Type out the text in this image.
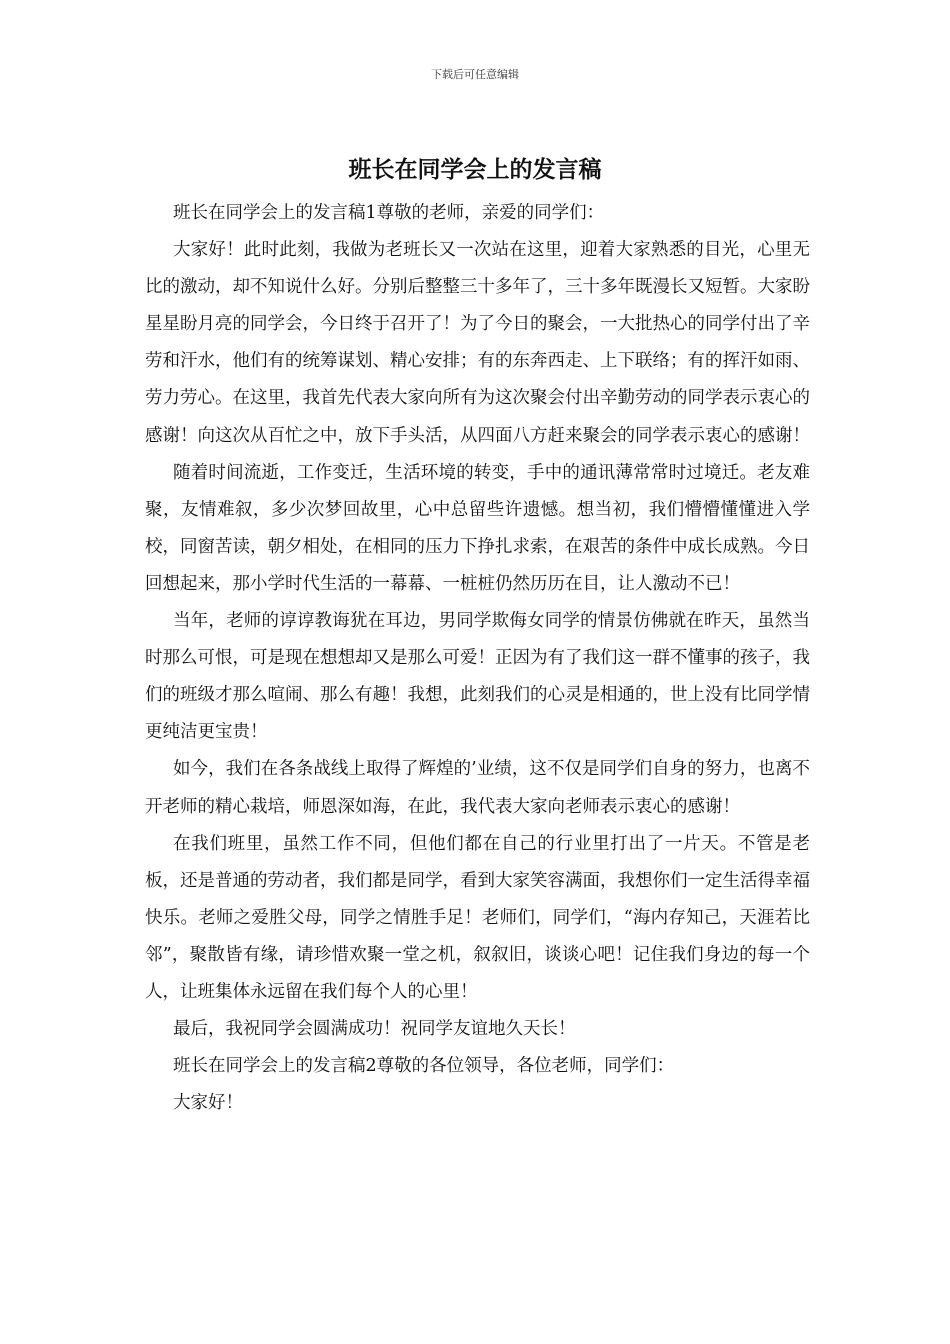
下载后可任意编辑
班长在同学会上的发言稿

班长在同学会上的发言稿1尊敬的老师，亲爱的同学们：

大家好！此时此刻，我做为老班长又一次站在这里，迎着大家熟悉的目光，心里无比的激动，却不知说什么好。分别后整整三十多年了，三十多年既漫长又短暂。大家盼星星盼月亮的同学会，今日终于召开了！为了今日的聚会，一大批热心的同学付出了辛劳和汗水，他们有的统筹谋划、精心安排；有的东奔西走、上下联络；有的挥汗如雨、劳力劳心。在这里，我首先代表大家向所有为这次聚会付出辛勤劳动的同学表示衷心的感谢！向这次从百忙之中，放下手头活，从四面八方赶来聚会的同学表示衷心的感谢！

随着时间流逝，工作变迁，生活环境的转变，手中的通讯薄常常时过境迁。老友难聚，友情难叙，多少次梦回故里，心中总留些许遗憾。想当初，我们懵懵懂懂进入学校，同窗苦读，朝夕相处，在相同的压力下挣扎求索，在艰苦的条件中成长成熟。今日回想起来，那小学时代生活的一幕幕、一桩桩仍然历历在目，让人激动不已！

当年，老师的谆谆教诲犹在耳边，男同学欺侮女同学的情景仿佛就在昨天，虽然当时那么可恨，可是现在想想却又是那么可爱！正因为有了我们这一群不懂事的孩子，我们的班级才那么喧闹、那么有趣！我想，此刻我们的心灵是相通的，世上没有比同学情更纯洁更宝贵！

如今，我们在各条战线上取得了辉煌的’业绩，这不仅是同学们自身的努力，也离不开老师的精心栽培，师恩深如海，在此，我代表大家向老师表示衷心的感谢！

在我们班里，虽然工作不同，但他们都在自己的行业里打出了一片天。不管是老板，还是普通的劳动者，我们都是同学，看到大家笑容满面，我想你们一定生活得幸福快乐。老师之爱胜父母，同学之情胜手足！老师们，同学们，“海内存知己，天涯若比邻”，聚散皆有缘，请珍惜欢聚一堂之机，叙叙旧，谈谈心吧！记住我们身边的每一个人，让班集体永远留在我们每个人的心里！

最后，我祝同学会圆满成功！祝同学友谊地久天长！

班长在同学会上的发言稿2尊敬的各位领导，各位老师，同学们：

大家好！
